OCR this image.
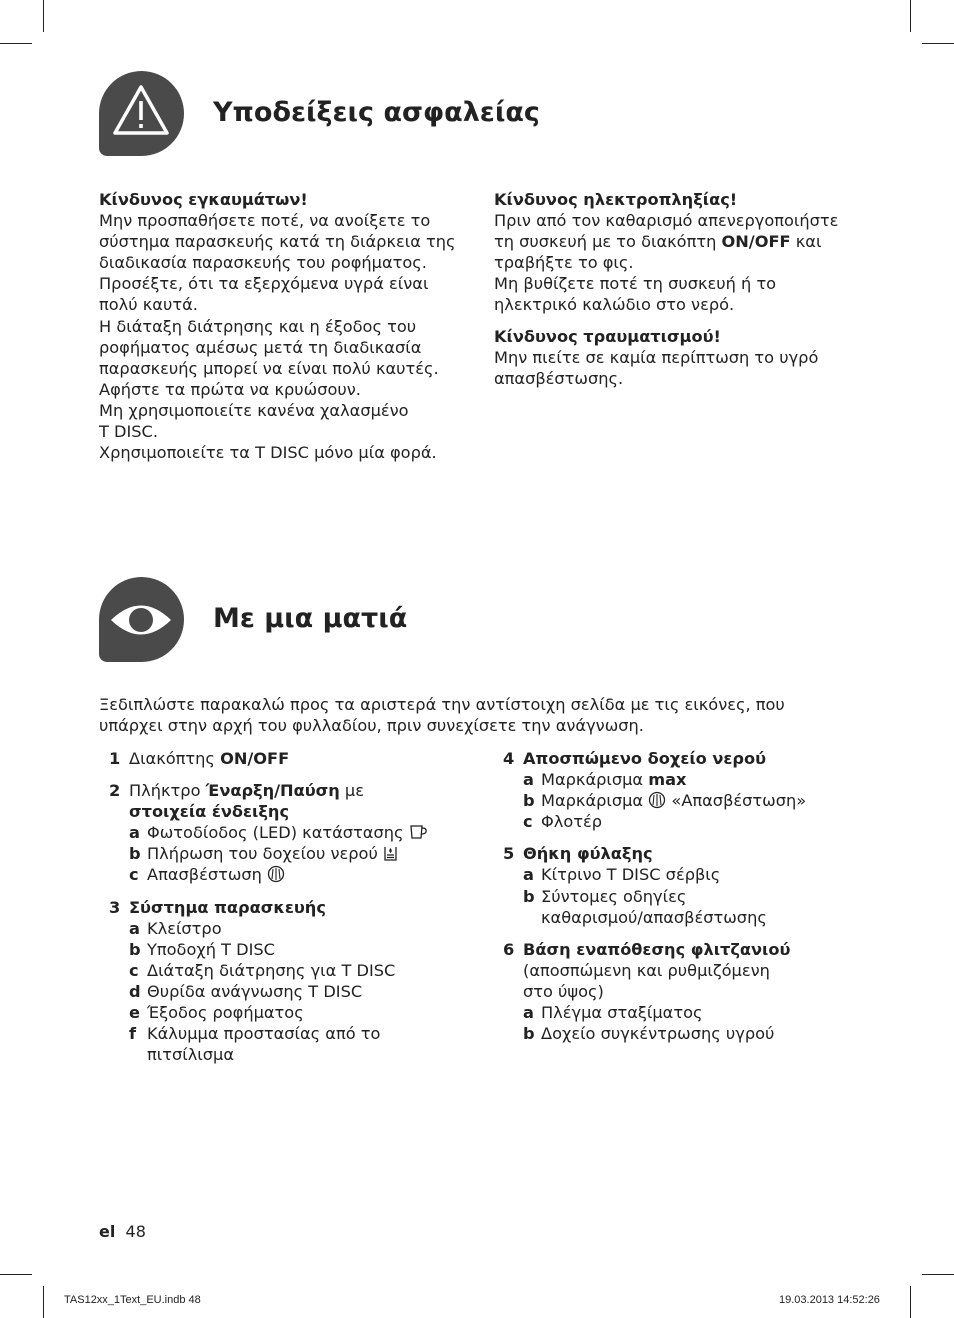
Υποδείξεις ασφαλείας
Κίνδυνος εγκαυμάτων!
Μην προσπαθήσετε ποτέ, να ανοίξετε το
σύστημα παρασκευής κατά τη διάρκεια της
διαδικασία παρασκευής του ροφήματος.
Προσέξτε, ότι τα εξερχόμενα υγρά είναι
πολύ καυτά.
Η διάταξη διάτρησης και η έξοδος του
ροφήματος αμέσως μετά τη διαδικασία
παρασκευής μπορεί να είναι πολύ καυτές.
Αφήστε τα πρώτα να κρυώσουν.
Μη χρησιμοποιείτε κανένα χαλασμένο
T DISC.
Χρησιμοποιείτε τα T DISC μόνο μία φορά.
Κίνδυνος ηλεκτροπληξίας!
Πριν από τον καθαρισμό απενεργοποιήστε
τη συσκευή με το διακόπτη ON/OFF και
τραβήξτε το φις.
Μη βυθίζετε ποτέ τη συσκευή ή το
ηλεκτρικό καλώδιο στο νερό.
Κίνδυνος τραυματισμού!
Μην πιείτε σε καμία περίπτωση το υγρό
απασβέστωσης.
Με μια ματιά
Ξεδιπλώστε παρακαλώ προς τα αριστερά την αντίστοιχη σελίδα με τις εικόνες, που
υπάρχει στην αρχή του φυλλαδίου, πριν συνεχίσετε την ανάγνωση.
1 Διακόπτης ON/OFF
2 Πλήκτρο Έναρξη/Παύση με
στοιχεία ένδειξης
a Φωτοδίοδος (LED) κατάστασης
b Πλήρωση του δοχείου νερού
c Απασβέστωση
3 Σύστημα παρασκευής
a Κλείστρο
b Υποδοχή T DISC
c Διάταξη διάτρησης για T DISC
d Θυρίδα ανάγνωσης T DISC
e Έξοδος ροφήματος
f Κάλυμμα προστασίας από το
πιτσίλισμα
4 Αποσπώμενο δοχείο νερού
a Μαρκάρισμα max
b Μαρκάρισμα  «Απασβέστωση»
c Φλοτέρ
5 Θήκη φύλαξης
a Κίτρινο T DISC σέρβις
b Σύντομες οδηγίες
καθαρισμού/απασβέστωσης
6 Βάση εναπόθεσης φλιτζανιού
(αποσπώμενη και ρυθμιζόμενη
στο ύψος)
a Πλέγμα σταξίματος
b Δοχείο συγκέντρωσης υγρού
el 48
TAS12xx_1Text_EU.indb 48	19.03.2013 14:52:26
